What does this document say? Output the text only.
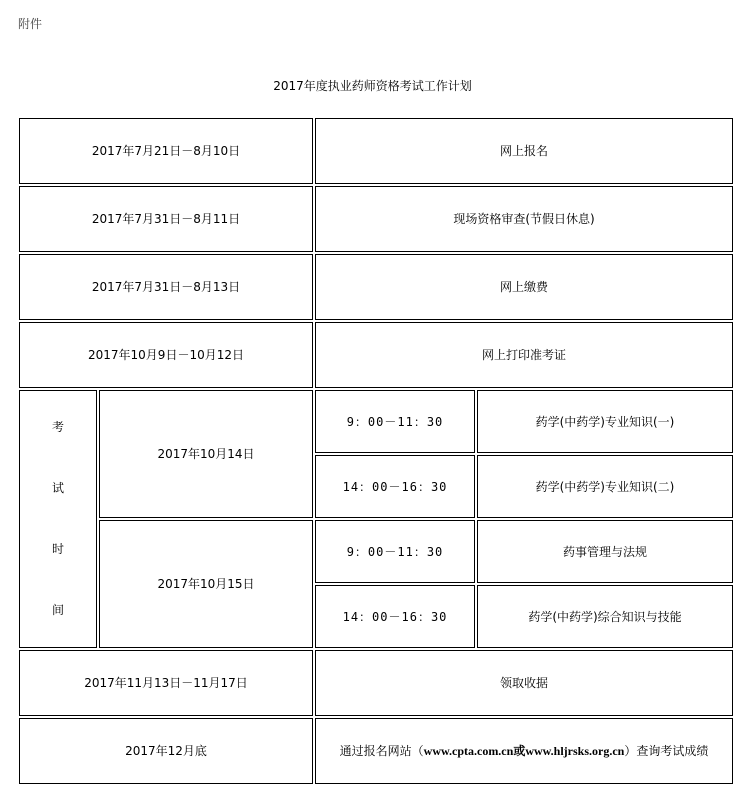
附件
2017年度执业药师资格考试工作计划
2017年7月21日－8月10日		网上报名	
2017年7月31日－8月11日		现场资格审查(节假日休息)	
2017年7月31日－8月13日		网上缴费	
2017年10月9日－10月12日		网上打印准考证	

考
试
时
间	2017年10月14日	9：00－11：30	药学(中药学)专业知识(一)
		14：00－16：30	药学(中药学)专业知识(二)
	2017年10月15日	9：00－11：30	药事管理与法规
		14：00－16：30	药学(中药学)综合知识与技能
2017年11月13日－11月17日		领取收据	
2017年12月底		通过报名网站（www.cpta.com.cn或www.hljrsks.org.cn）查询考试成绩	
